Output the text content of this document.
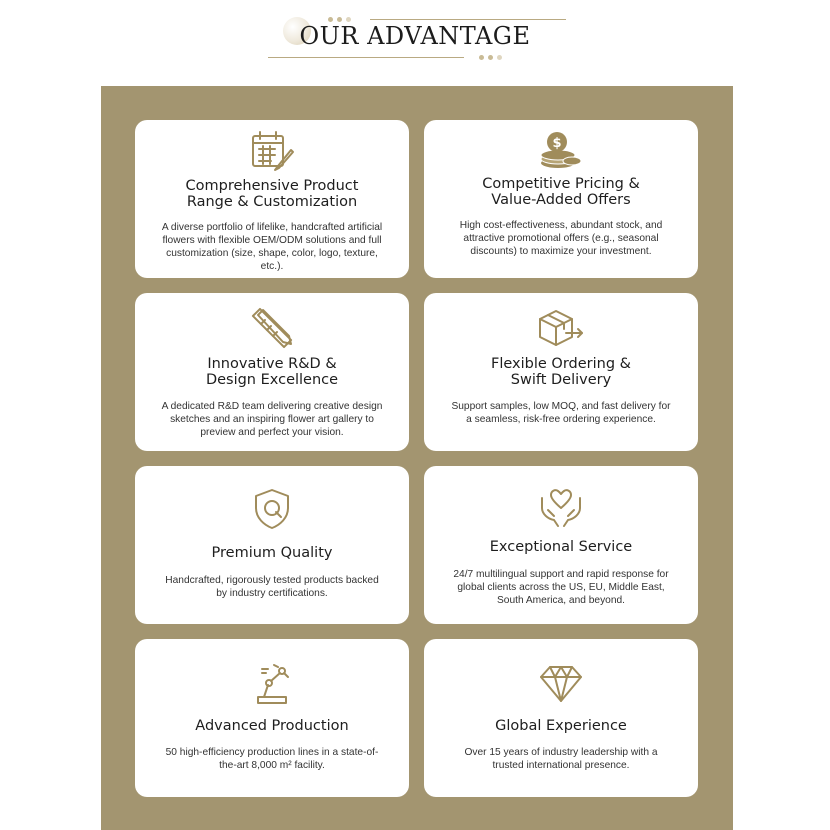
OUR ADVANTAGE
Comprehensive Product
Range & Customization
A diverse portfolio of lifelike, handcrafted artificial flowers with flexible OEM/ODM solutions and full customization (size, shape, color, logo, texture, etc.).
$
Competitive Pricing &
Value-Added Offers
High cost-effectiveness, abundant stock, and attractive promotional offers (e.g., seasonal discounts) to maximize your investment.
Innovative R&D &
Design Excellence
A dedicated R&D team delivering creative design sketches and an inspiring flower art gallery to preview and perfect your vision.
Flexible Ordering &
Swift Delivery
Support samples, low MOQ, and fast delivery for a seamless, risk-free ordering experience.
Premium Quality
Handcrafted, rigorously tested products backed by industry certifications.
Exceptional Service
24/7 multilingual support and rapid response for global clients across the US, EU, Middle East, South America, and beyond.
Advanced Production
50 high-efficiency production lines in a state-of-the-art 8,000 m² facility.
Global Experience
Over 15 years of industry leadership with a trusted international presence.
